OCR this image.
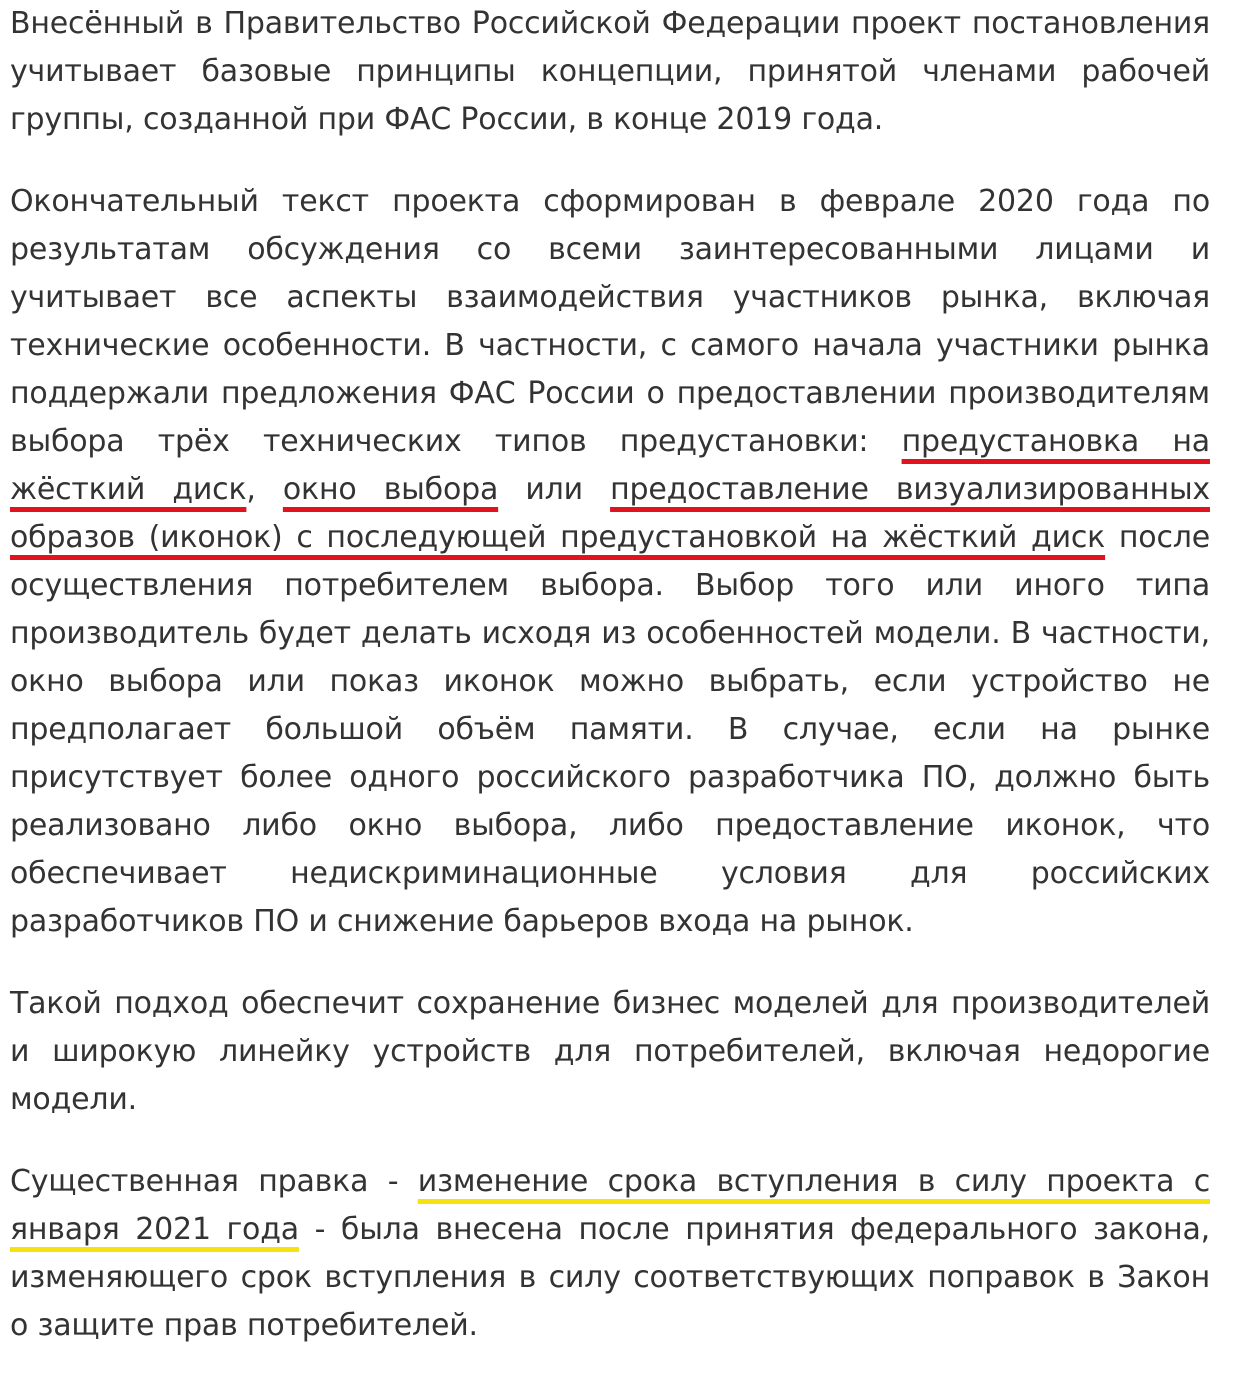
Внесённый в Правительство Российской Федерации проект постановления учитывает базовые принципы концепции, принятой членами рабочей группы, созданной при ФАС России, в конце 2019 года.

Окончательный текст проекта сформирован в феврале 2020 года по результатам обсуждения со всеми заинтересованными лицами и учитывает все аспекты взаимодействия участников рынка, включая технические особенности. В частности, с самого начала участники рынка поддержали предложения ФАС России о предоставлении производителям выбора трёх технических типов предустановки: предустановка на жёсткий диск, окно выбора или предоставление визуализированных образов (иконок) с последующей предустановкой на жёсткий диск после осуществления потребителем выбора. Выбор того или иного типа производитель будет делать исходя из особенностей модели. В частности, окно выбора или показ иконок можно выбрать, если устройство не предполагает большой объём памяти. В случае, если на рынке присутствует более одного российского разработчика ПО, должно быть реализовано либо окно выбора, либо предоставление иконок, что обеспечивает недискриминационные условия для российских разработчиков ПО и снижение барьеров входа на рынок.

Такой подход обеспечит сохранение бизнес моделей для производителей и широкую линейку устройств для потребителей, включая недорогие модели.

Существенная правка - изменение срока вступления в силу проекта с января 2021 года - была внесена после принятия федерального закона, изменяющего срок вступления в силу соответствующих поправок в Закон о защите прав потребителей.
